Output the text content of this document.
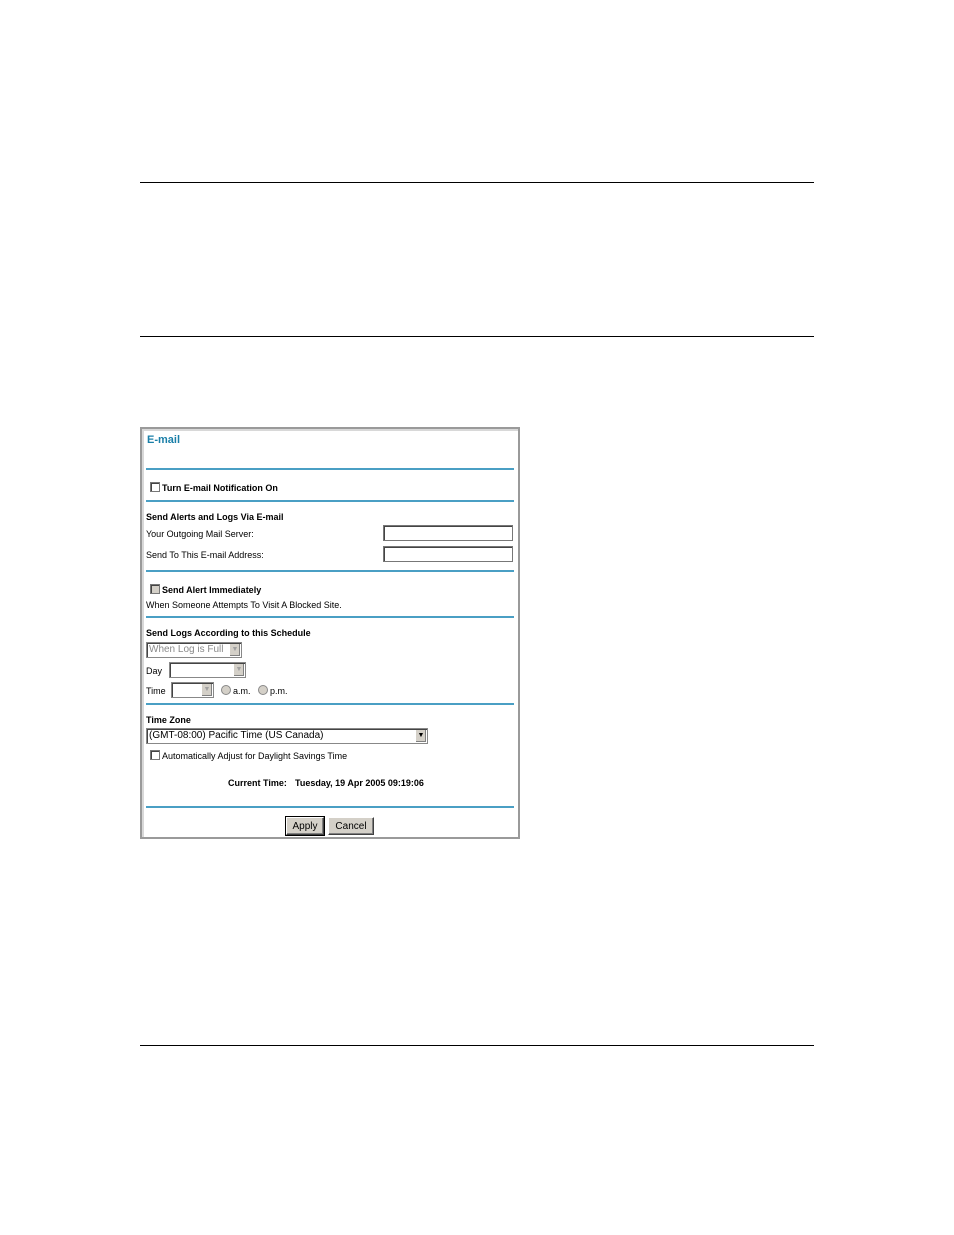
E-mail
Turn E-mail Notification On
Send Alerts and Logs Via E-mail
Your Outgoing Mail Server:
Send To This E-mail Address:
Send Alert Immediately
When Someone Attempts To Visit A Blocked Site.
Send Logs According to this Schedule
When Log is Full	▼
Day	▼
Time	▼	a.m. p.m.
Time Zone
(GMT-08:00) Pacific Time (US Canada)	▼
Automatically Adjust for Daylight Savings Time
Current Time: Tuesday, 19 Apr 2005 09:19:06
Apply	Cancel
